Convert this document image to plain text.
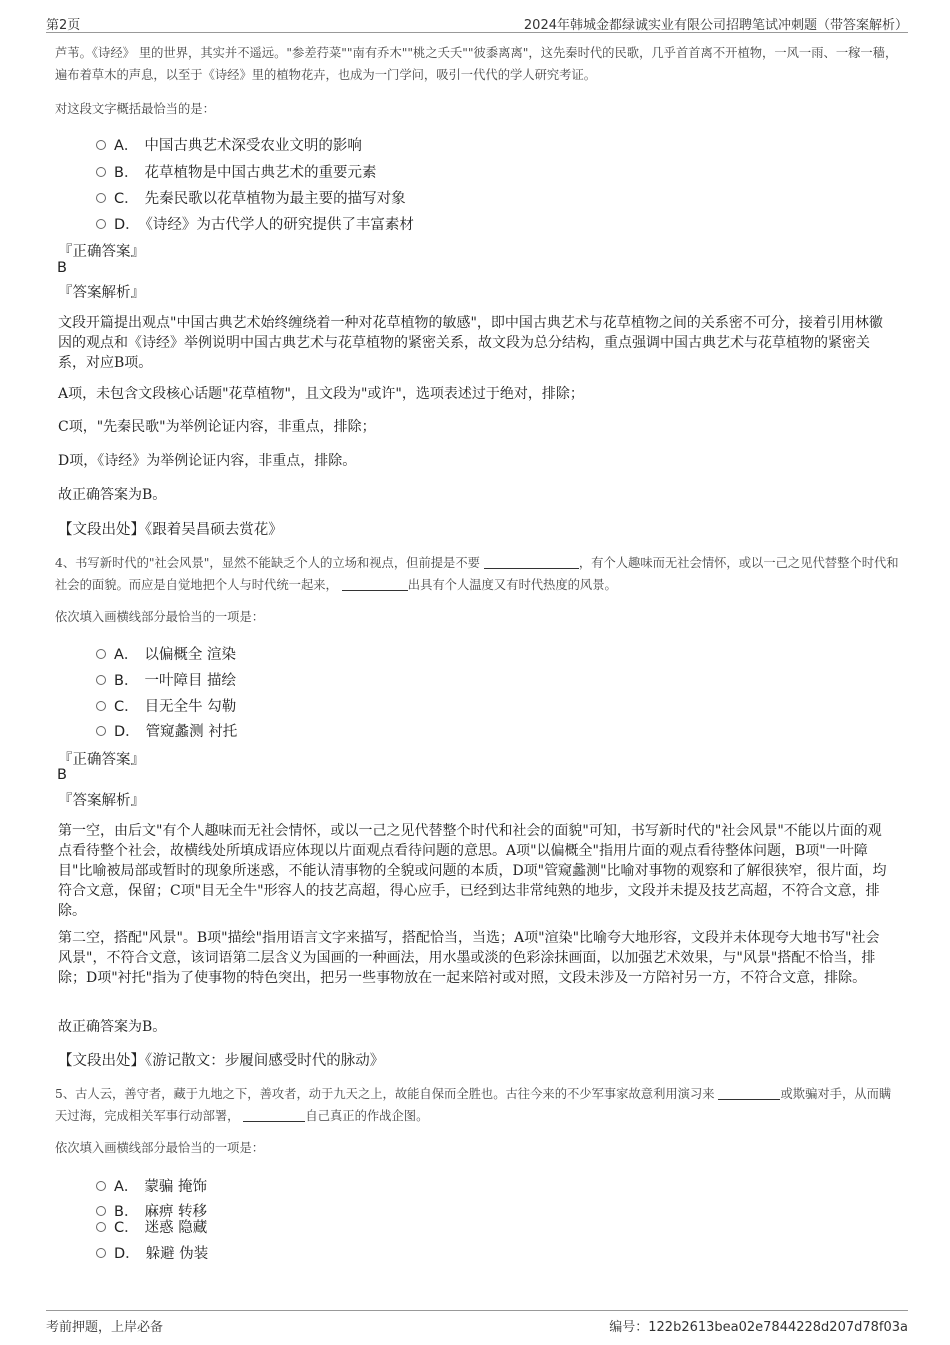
第2页	2024年韩城金都绿诚实业有限公司招聘笔试冲刺题（带答案解析）
芦苇。《诗经》 里的世界，其实并不遥远。"参差荇菜""南有乔木""桃之夭夭""彼黍离离"，这先秦时代的民歌，几乎首首离不开植物，一风一雨、一稼一穑，遍布着草木的声息，以至于《诗经》里的植物花卉，也成为一门学问，吸引一代代的学人研究考证。
对这段文字概括最恰当的是：
A． 中国古典艺术深受农业文明的影响
B． 花草植物是中国古典艺术的重要元素
C． 先秦民歌以花草植物为最主要的描写对象
D． 《诗经》为古代学人的研究提供了丰富素材
『正确答案』
B
『答案解析』
文段开篇提出观点"中国古典艺术始终缠绕着一种对花草植物的敏感"，即中国古典艺术与花草植物之间的关系密不可分，接着引用林徽因的观点和《诗经》举例说明中国古典艺术与花草植物的紧密关系，故文段为总分结构，重点强调中国古典艺术与花草植物的紧密关系，对应B项。
A项，未包含文段核心话题"花草植物"，且文段为"或许"，选项表述过于绝对，排除；
C项，"先秦民歌"为举例论证内容，非重点，排除；
D项，《诗经》为举例论证内容，非重点，排除。
故正确答案为B。
【文段出处】《跟着吴昌硕去赏花》
4、书写新时代的"社会风景"，显然不能缺乏个人的立场和视点，但前提是不要	，有个人趣味而无社会情怀，或以一己之见代替整个时代和社会的面貌。而应是自觉地把个人与时代统一起来，	出具有个人温度又有时代热度的风景。
依次填入画横线部分最恰当的一项是：
A． 以偏概全 渲染
B． 一叶障目 描绘
C． 目无全牛 勾勒
D． 管窥蠡测 衬托
『正确答案』
B
『答案解析』
第一空，由后文"有个人趣味而无社会情怀，或以一己之见代替整个时代和社会的面貌"可知，书写新时代的"社会风景"不能以片面的观点看待整个社会，故横线处所填成语应体现以片面观点看待问题的意思。A项"以偏概全"指用片面的观点看待整体问题，B项"一叶障目"比喻被局部或暂时的现象所迷惑，不能认清事物的全貌或问题的本质，D项"管窥蠡测"比喻对事物的观察和了解很狭窄，很片面，均符合文意，保留；C项"目无全牛"形容人的技艺高超，得心应手，已经到达非常纯熟的地步，文段并未提及技艺高超，不符合文意，排除。
第二空，搭配"风景"。B项"描绘"指用语言文字来描写，搭配恰当，当选；A项"渲染"比喻夸大地形容，文段并未体现夸大地书写"社会风景"，不符合文意，该词语第二层含义为国画的一种画法，用水墨或淡的色彩涂抹画面，以加强艺术效果，与"风景"搭配不恰当，排除；D项"衬托"指为了使事物的特色突出，把另一些事物放在一起来陪衬或对照，文段未涉及一方陪衬另一方，不符合文意，排除。
故正确答案为B。
【文段出处】《游记散文：步履间感受时代的脉动》
5、古人云，善守者，藏于九地之下，善攻者，动于九天之上，故能自保而全胜也。古往今来的不少军事家故意利用演习来	或欺骗对手，从而瞒天过海，完成相关军事行动部署，	自己真正的作战企图。
依次填入画横线部分最恰当的一项是：
A． 蒙骗 掩饰
B． 麻痹 转移
C． 迷惑 隐藏
D． 躲避 伪装
考前押题，上岸必备	编号：122b2613bea02e7844228d207d78f03a
